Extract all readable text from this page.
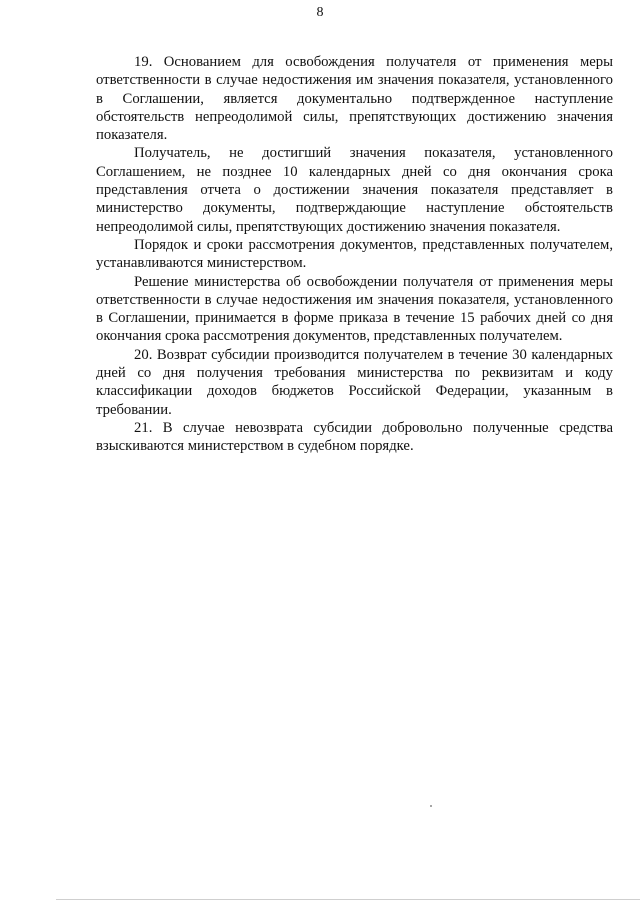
8

19. Основанием для освобождения получателя от применения меры ответственности в случае недостижения им значения показателя, установленного в Соглашении, является документально подтвержденное наступление обстоятельств непреодолимой силы, препятствующих достижению значения показателя.

Получатель, не достигший значения показателя, установленного Соглашением, не позднее 10 календарных дней со дня окончания срока представления отчета о достижении значения показателя представляет в министерство документы, подтверждающие наступление обстоятельств непреодолимой силы, препятствующих достижению значения показателя.

Порядок и сроки рассмотрения документов, представленных получателем, устанавливаются министерством.

Решение министерства об освобождении получателя от применения меры ответственности в случае недостижения им значения показателя, установленного в Соглашении, принимается в форме приказа в течение 15 рабочих дней со дня окончания срока рассмотрения документов, представленных получателем.

20. Возврат субсидии производится получателем в течение 30 календарных дней со дня получения требования министерства по реквизитам и коду классификации доходов бюджетов Российской Федерации, указанным в требовании.

21. В случае невозврата субсидии добровольно полученные средства взыскиваются министерством в судебном порядке.
